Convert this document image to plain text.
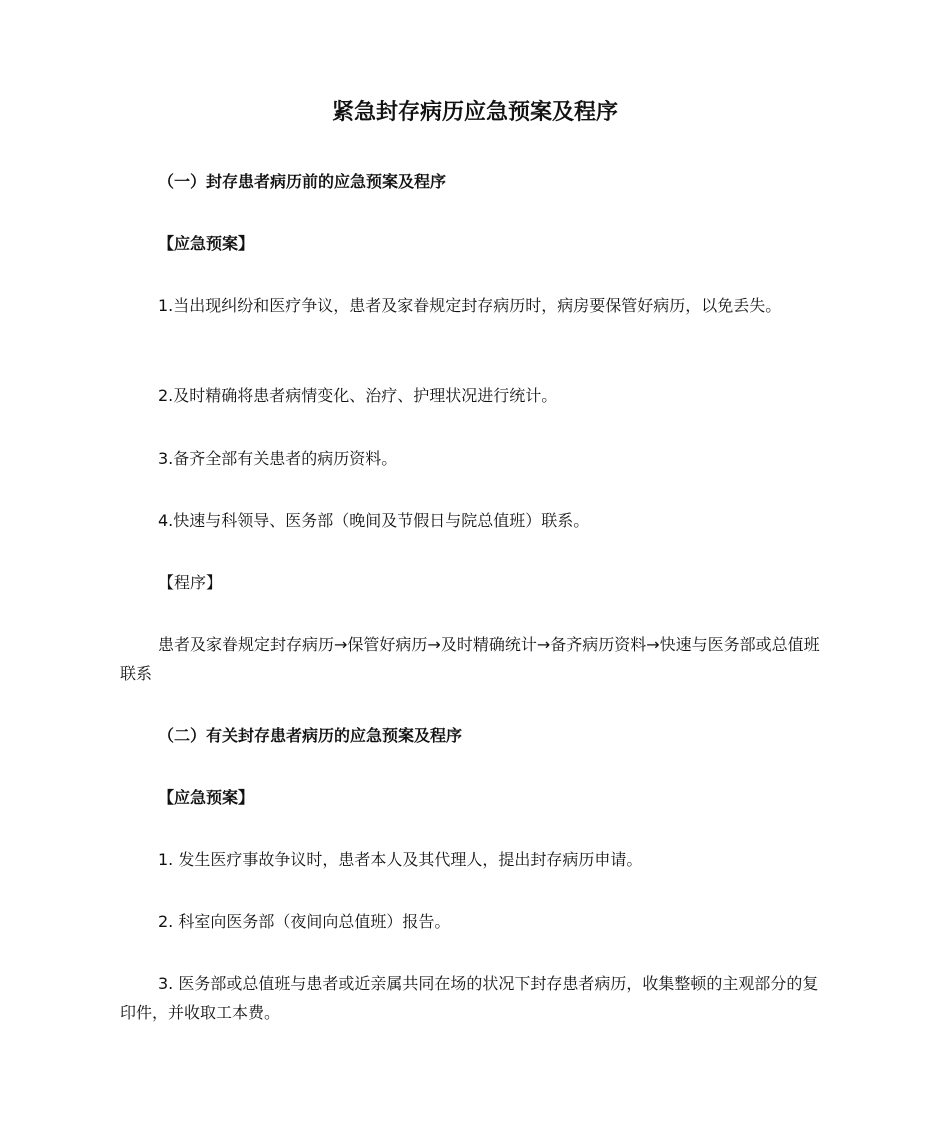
紧急封存病历应急预案及程序

（一）封存患者病历前的应急预案及程序

【应急预案】

1.当出现纠纷和医疗争议，患者及家眷规定封存病历时，病房要保管好病历，以免丢失。

2.及时精确将患者病情变化、治疗、护理状况进行统计。

3.备齐全部有关患者的病历资料。

4.快速与科领导、医务部（晚间及节假日与院总值班）联系。

【程序】

患者及家眷规定封存病历→保管好病历→及时精确统计→备齐病历资料→快速与医务部或总值班联系

（二）有关封存患者病历的应急预案及程序

【应急预案】

1. 发生医疗事故争议时，患者本人及其代理人，提出封存病历申请。

2. 科室向医务部（夜间向总值班）报告。

3. 医务部或总值班与患者或近亲属共同在场的状况下封存患者病历，收集整顿的主观部分的复印件，并收取工本费。
